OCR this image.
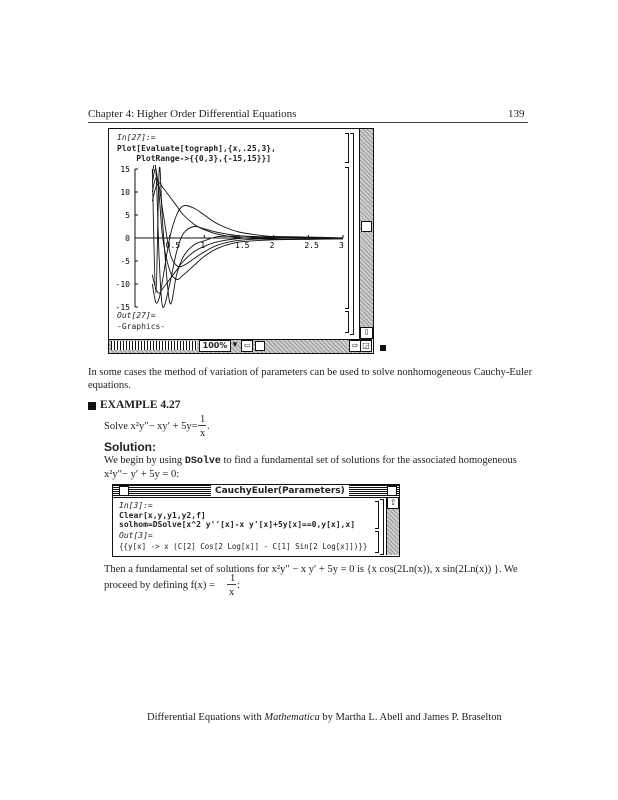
Chapter 4: Higher Order Differential Equations	139
In[27]:=
Plot[Evaluate[tograph],{x,.25,3},
PlotRange->{{0,3},{-15,15}}]
15
10
5
0
-5
-10
-15
0.5	1	1.5	2	2.5	3
Out[27]=
-Graphics-
⇩
100% ▼ ⇦	⇨ ◲
In some cases the method of variation of parameters can be used to solve nonhomogeneous Cauchy-Euler
equations.
EXAMPLE 4.27
Solve x²y″− xy′ + 5y=
1
x
.
Solution:
We begin by using DSolve to find a fundamental set of solutions for the associated homogeneous
x²y″− y′ + 5y = 0:
CauchyEuler(Parameters)
In[3]:=
Clear[x,y,y1,y2,f]
solhom=DSolve[x^2 y''[x]-x y'[x]+5y[x]==0,y[x],x]
Out[3]=
{{y[x] -> x (C[2] Cos[2 Log[x]] - C[1] Sin[2 Log[x]])}}
⇧
Then a fundamental set of solutions for x²y″ − x y′ + 5y = 0 is {x cos(2Ln(x)), x sin(2Ln(x)) }. We
proceed by defining f(x) =
1
x
:
Differential Equations with Mathematica by Martha L. Abell and James P. Braselton
